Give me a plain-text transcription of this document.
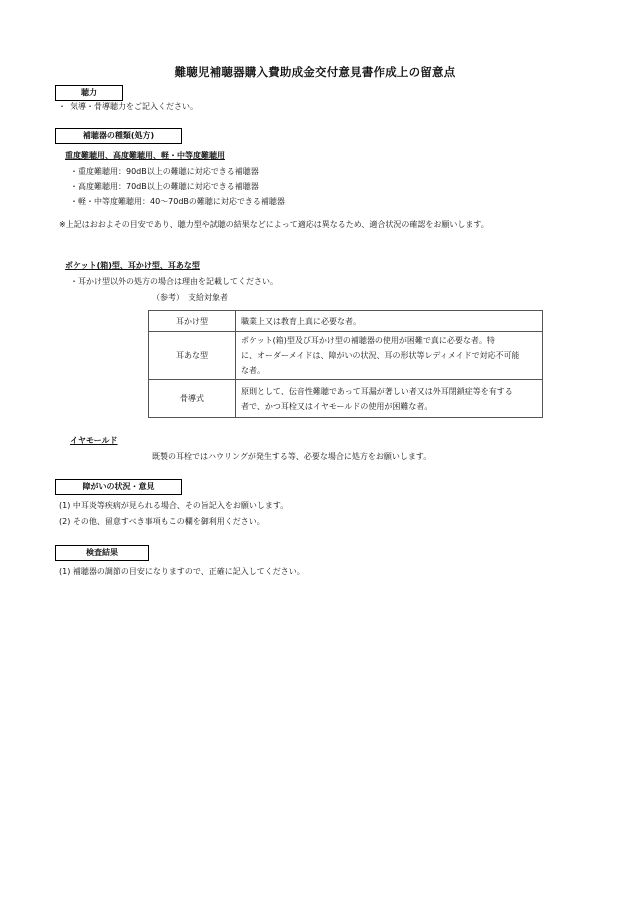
難聴児補聴器購入費助成金交付意見書作成上の留意点
聴力
・ 気導・骨導聴力をご記入ください。
補聴器の種類(処方)
重度難聴用、高度難聴用、軽・中等度難聴用
・重度難聴用：90dB以上の難聴に対応できる補聴器
・高度難聴用：70dB以上の難聴に対応できる補聴器
・軽・中等度難聴用：40～70dBの難聴に対応できる補聴器
※上記はおおよその目安であり、聴力型や試聴の結果などによって適応は異なるため、適合状況の確認をお願いします。
ポケット(箱)型、耳かけ型、耳あな型
・耳かけ型以外の処方の場合は理由を記載してください。
（参考）　支給対象者
耳かけ型	職業上又は教育上真に必要な者。

耳あな型	ポケット(箱)型及び耳かけ型の補聴器の使用が困難で真に必要な者。特
に、オーダーメイドは、障がいの状況、耳の形状等レディメイドで対応不可能
な者。

骨導式	原則として、伝音性難聴であって耳漏が著しい者又は外耳閉鎖症等を有する
者で、かつ耳栓又はイヤモールドの使用が困難な者。
イヤモールド
既製の耳栓ではハウリングが発生する等、必要な場合に処方をお願いします。
障がいの状況・意見
(1) 中耳炎等疾病が見られる場合、その旨記入をお願いします。
(2) その他、留意すべき事項もこの欄を御利用ください。
検査結果
(1) 補聴器の調節の目安になりますので、正確に記入してください。
